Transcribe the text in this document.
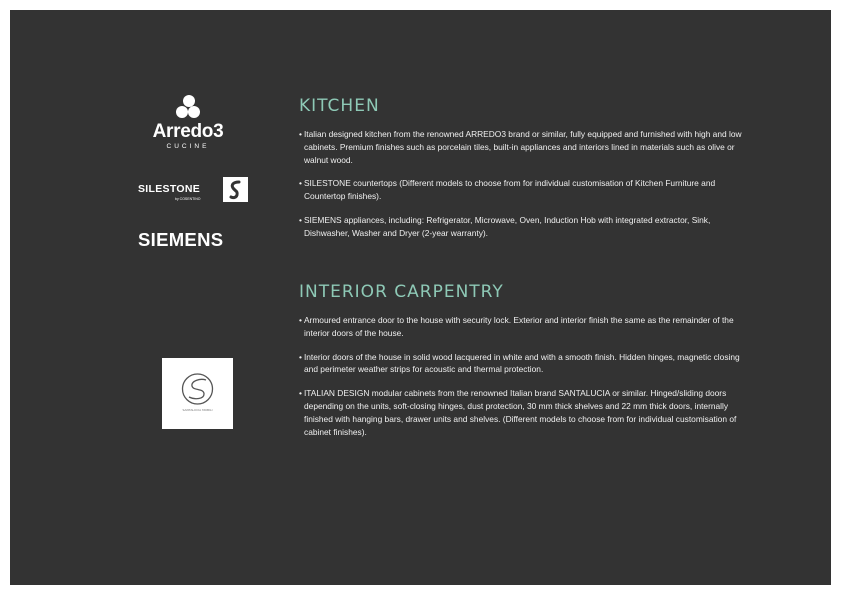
Arredo3
CUCINE
SILESTONE
by COSENTINO
SIEMENS
SANTALUCIA MOBILI
KITCHEN
• Italian designed kitchen from the renowned ARREDO3 brand or similar, fully equipped and furnished with high and low cabinets. Premium finishes such as porcelain tiles, built-in appliances and interiors lined in materials such as olive or walnut wood.
• SILESTONE countertops (Different models to choose from for individual customisation of Kitchen Furniture and Countertop finishes).
• SIEMENS appliances, including: Refrigerator, Microwave, Oven, Induction Hob with integrated extractor, Sink, Dishwasher, Washer and Dryer (2-year warranty).
INTERIOR CARPENTRY
• Armoured entrance door to the house with security lock. Exterior and interior finish the same as the remainder of the interior doors of the house.
• Interior doors of the house in solid wood lacquered in white and with a smooth finish. Hidden hinges, magnetic closing and perimeter weather strips for acoustic and thermal protection.
• ITALIAN DESIGN modular cabinets from the renowned Italian brand SANTALUCIA or similar. Hinged/sliding doors depending on the units, soft-closing hinges, dust protection, 30 mm thick shelves and 22 mm thick doors, internally finished with hanging bars, drawer units and shelves. (Different models to choose from for individual customisation of cabinet finishes).
